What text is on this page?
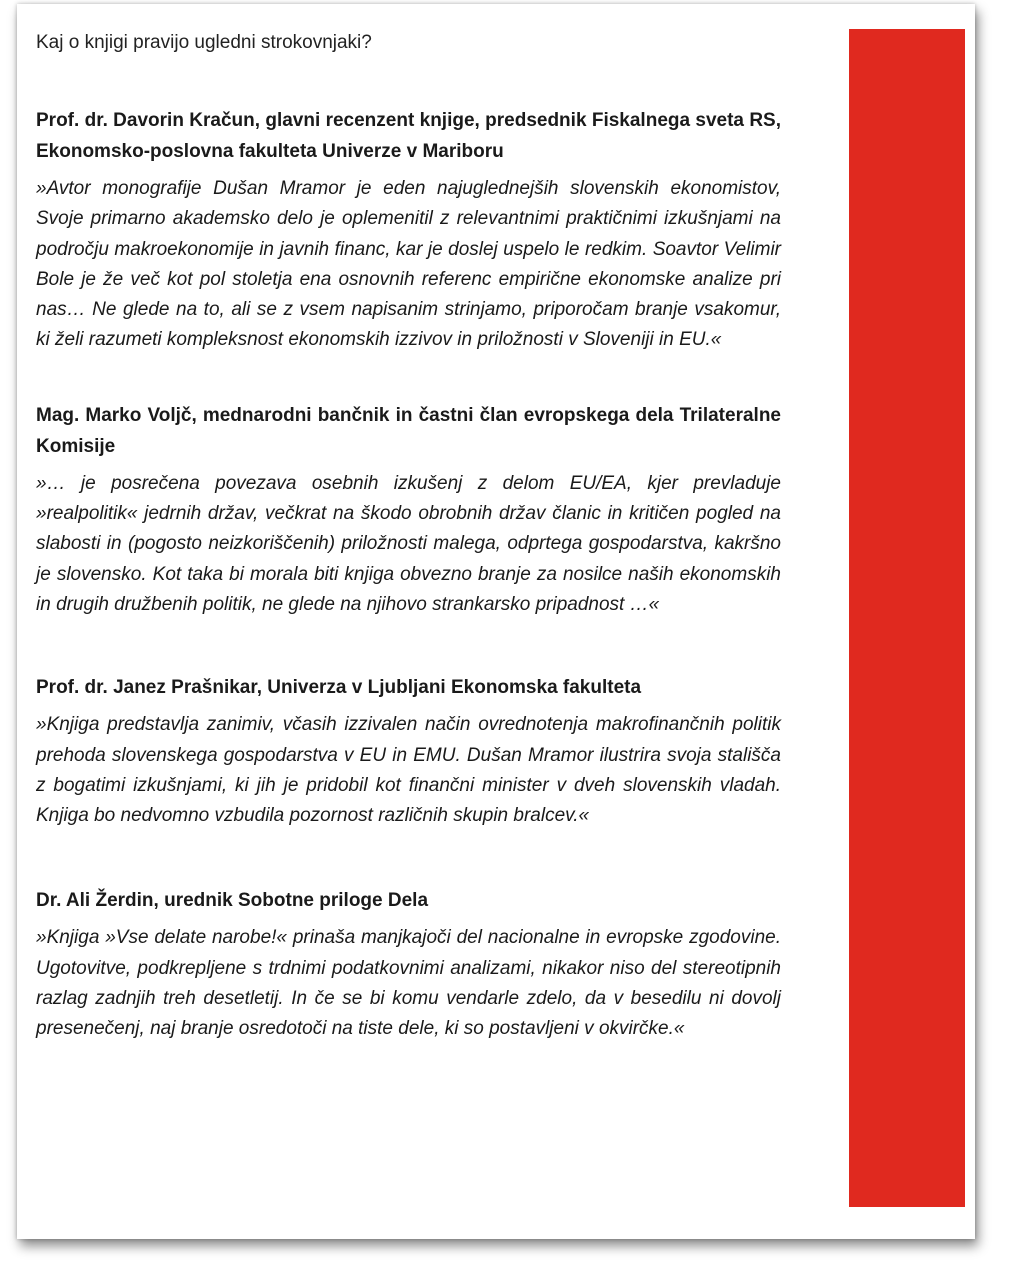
Kaj o knjigi pravijo ugledni strokovnjaki?

Prof. dr. Davorin Kračun, glavni recenzent knjige, predsednik Fiskalnega sveta RS, Ekonomsko-poslovna fakulteta Univerze v Mariboru

»Avtor monografije Dušan Mramor je eden najuglednejših slovenskih ekonomistov, Svoje primarno akademsko delo je oplemenitil z relevantnimi praktičnimi izkušnjami na področju makroekonomije in javnih financ, kar je doslej uspelo le redkim. Soavtor Velimir Bole je že več kot pol stoletja ena osnovnih referenc empirične ekonomske analize pri nas… Ne glede na to, ali se z vsem napisanim strinjamo, priporočam branje vsakomur, ki želi razumeti kompleksnost ekonomskih izzivov in priložnosti v Sloveniji in EU.«

Mag. Marko Voljč, mednarodni bančnik in častni član evropskega dela Trilateralne Komisije

»… je posrečena povezava osebnih izkušenj z delom EU/EA, kjer prevladuje »realpolitik« jedrnih držav, večkrat na škodo obrobnih držav članic in kritičen pogled na slabosti in (pogosto neizkoriščenih) priložnosti malega, odprtega gospodarstva, kakršno je slovensko. Kot taka bi morala biti knjiga obvezno branje za nosilce naših ekonomskih in drugih družbenih politik, ne glede na njihovo strankarsko pripadnost …«

Prof. dr. Janez Prašnikar, Univerza v Ljubljani Ekonomska fakulteta

»Knjiga predstavlja zanimiv, včasih izzivalen način ovrednotenja makrofinančnih politik prehoda slovenskega gospodarstva v EU in EMU. Dušan Mramor ilustrira svoja stališča z bogatimi izkušnjami, ki jih je pridobil kot finančni minister v dveh slovenskih vladah. Knjiga bo nedvomno vzbudila pozornost različnih skupin bralcev.«

Dr. Ali Žerdin, urednik Sobotne priloge Dela

»Knjiga »Vse delate narobe!« prinaša manjkajoči del nacionalne in evropske zgodovine. Ugotovitve, podkrepljene s trdnimi podatkovnimi analizami, nikakor niso del stereotipnih razlag zadnjih treh desetletij. In če se bi komu vendarle zdelo, da v besedilu ni dovolj presenečenj, naj branje osredotoči na tiste dele, ki so postavljeni v okvirčke.«
